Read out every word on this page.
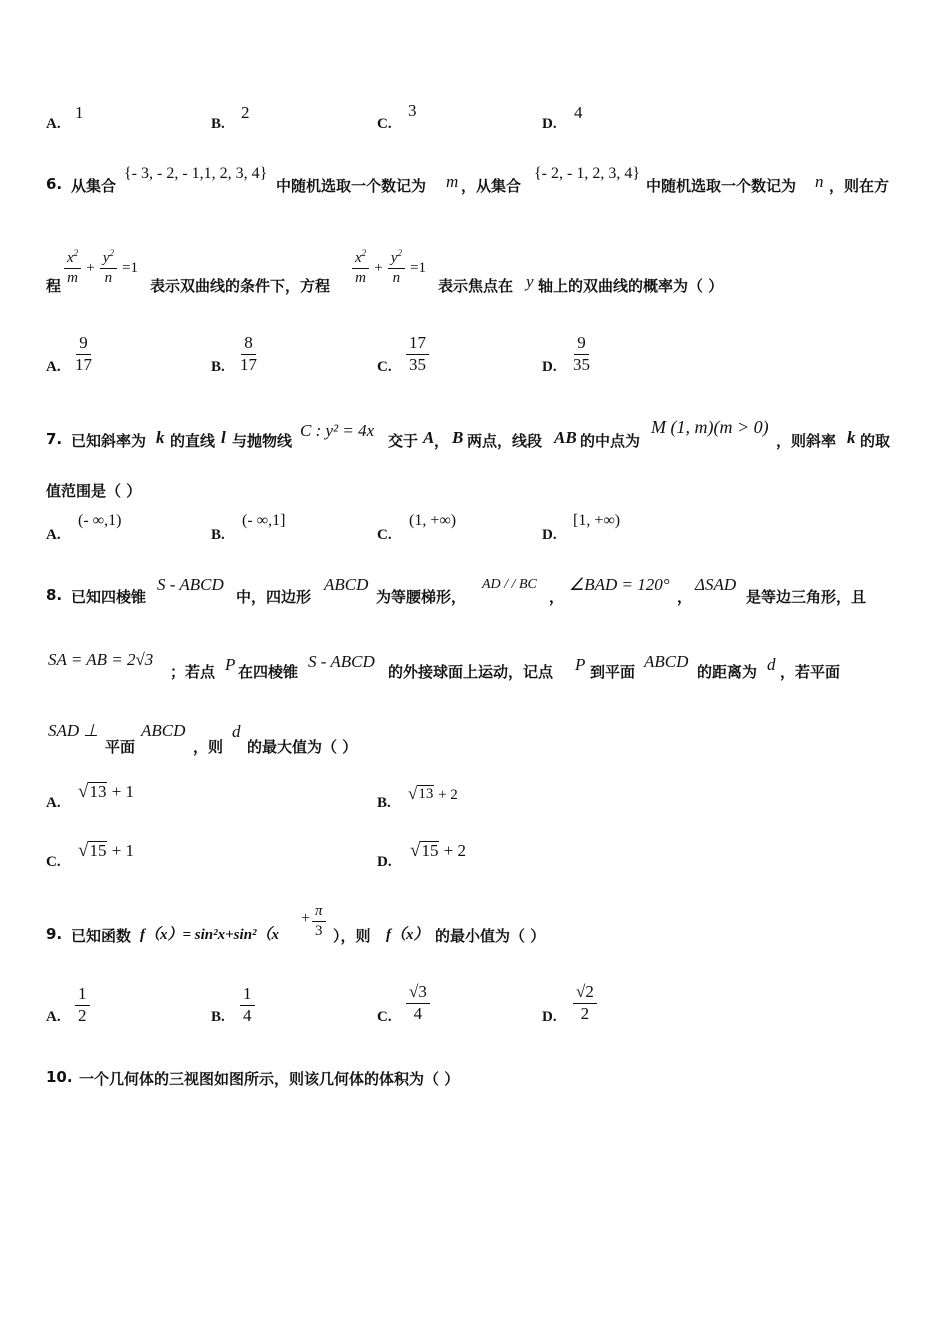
A.
1
B.
2
C.
3
D.
4
6. 从集合
{- 3, - 2, - 1,1, 2, 3, 4}
中随机选取一个数记为 m ，从集合
{- 2, - 1, 2, 3, 4}
中随机选取一个数记为 n ，则在方
程 $\frac{x^2}{m} + \frac{y^2}{n} =1$
表示双曲线的条件下，方程 $\frac{x^2}{m} + \frac{y^2}{n} =1$
表示焦点在 y 轴上的双曲线的概率为（ ）
A. $\frac{9}{17}$	B. $\frac{8}{17}$	C. $\frac{17}{35}$	D. $\frac{9}{35}$
7. 已知斜率为 k 的直线 l 与抛物线
C : y² = 4x
交于 A ， B 两点，线段 AB 的中点为
M (1, m)(m > 0)
，则斜率 k 的取
值范围是（ ）
A.
(- ∞,1)
B.
(- ∞,1]
C.
(1, +∞)
D.
[1, +∞)
8. 已知四棱锥
S - ABCD
中，四边形
ABCD
为等腰梯形，
AD / / BC
，
∠BAD = 120°
，
ΔSAD
是等边三角形，且
SA = AB = 2√3
；若点 P 在四棱锥
S - ABCD
的外接球面上运动，记点 P 到平面
ABCD
的距离为 d ，若平面
SAD ⊥
平面
ABCD
，则
d
的最大值为（ ）
A.
√ 13 + 1
B. √ 13 + 2
C.
√ 15 + 1
D.
√ 15 + 2
9. 已知函数 f（x）= sin²x+sin²（x
+ $\frac{\pi}{3}$ ），则 f（x） 的最小值为（ ）
A. $\frac{1}{2}$	B. $\frac{1}{4}$	C. $\frac{√3}{4}$	D. $\frac{√2}{2}$
10. 一个几何体的三视图如图所示，则该几何体的体积为（ ）
